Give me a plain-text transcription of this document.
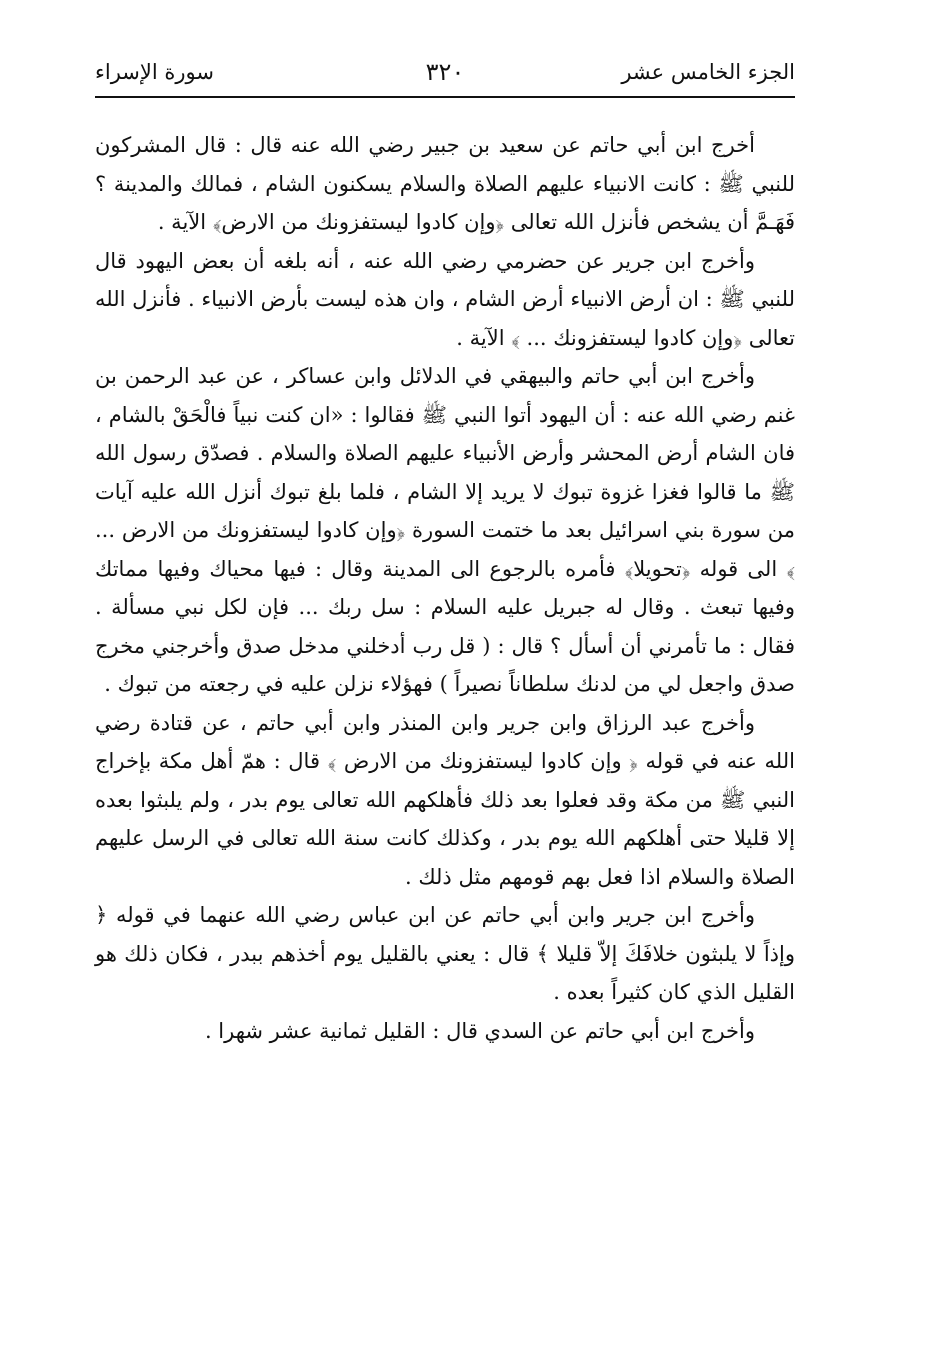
الجزء الخامس عشر
٣٢٠
سورة الإسراء

أخرج ابن أبي حاتم عن سعيد بن جبير رضي الله عنه قال : قال المشركون للنبي ﷺ : كانت الانبياء عليهم الصلاة والسلام يسكنون الشام ، فمالك والمدينة ؟ فَهَـمَّ أن يشخص فأنزل الله تعالى ﴿وإن كادوا ليستفزونك من الارض﴾ الآية .

وأخرج ابن جرير عن حضرمي رضي الله عنه ، أنه بلغه أن بعض اليهود قال للنبي ﷺ : ان أرض الانبياء أرض الشام ، وان هذه ليست بأرض الانبياء . فأنزل الله تعالى ﴿وإن كادوا ليستفزونك ... ﴾ الآية .

وأخرج ابن أبي حاتم والبيهقي في الدلائل وابن عساكر ، عن عبد الرحمن بن غنم رضي الله عنه : أن اليهود أتوا النبي ﷺ فقالوا : «ان كنت نبياً فالْحَقْ بالشام ، فان الشام أرض المحشر وأرض الأنبياء عليهم الصلاة والسلام . فصدّق رسول الله ﷺ ما قالوا فغزا غزوة تبوك لا يريد إلا الشام ، فلما بلغ تبوك أنزل الله عليه آيات من سورة بني اسرائيل بعد ما ختمت السورة ﴿وإن كادوا ليستفزونك من الارض ... ﴾ الى قوله ﴿تحويلا﴾ فأمره بالرجوع الى المدينة وقال : فيها محياك وفيها مماتك وفيها تبعث . وقال له جبريل عليه السلام : سل ربك ... فإن لكل نبي مسألة . فقال : ما تأمرني أن أسأل ؟ قال : ( قل رب أدخلني مدخل صدق وأخرجني مخرج صدق واجعل لي من لدنك سلطاناً نصيراً ) فهؤلاء نزلن عليه في رجعته من تبوك .

وأخرج عبد الرزاق وابن جرير وابن المنذر وابن أبي حاتم ، عن قتادة رضي الله عنه في قوله ﴿ وإن كادوا ليستفزونك من الارض ﴾ قال : همّ أهل مكة بإخراج النبي ﷺ من مكة وقد فعلوا بعد ذلك فأهلكهم الله تعالى يوم بدر ، ولم يلبثوا بعده إلا قليلا حتى أهلكهم الله يوم بدر ، وكذلك كانت سنة الله تعالى في الرسل عليهم الصلاة والسلام اذا فعل بهم قومهم مثل ذلك .

وأخرج ابن جرير وابن أبي حاتم عن ابن عباس رضي الله عنهما في قوله ﴿ وإذاً لا يلبثون خلافَكَ إلاّ قليلا ﴾ قال : يعني بالقليل يوم أخذهم ببدر ، فكان ذلك هو القليل الذي كان كثيراً بعده .

وأخرج ابن أبي حاتم عن السدي قال : القليل ثمانية عشر شهرا .
